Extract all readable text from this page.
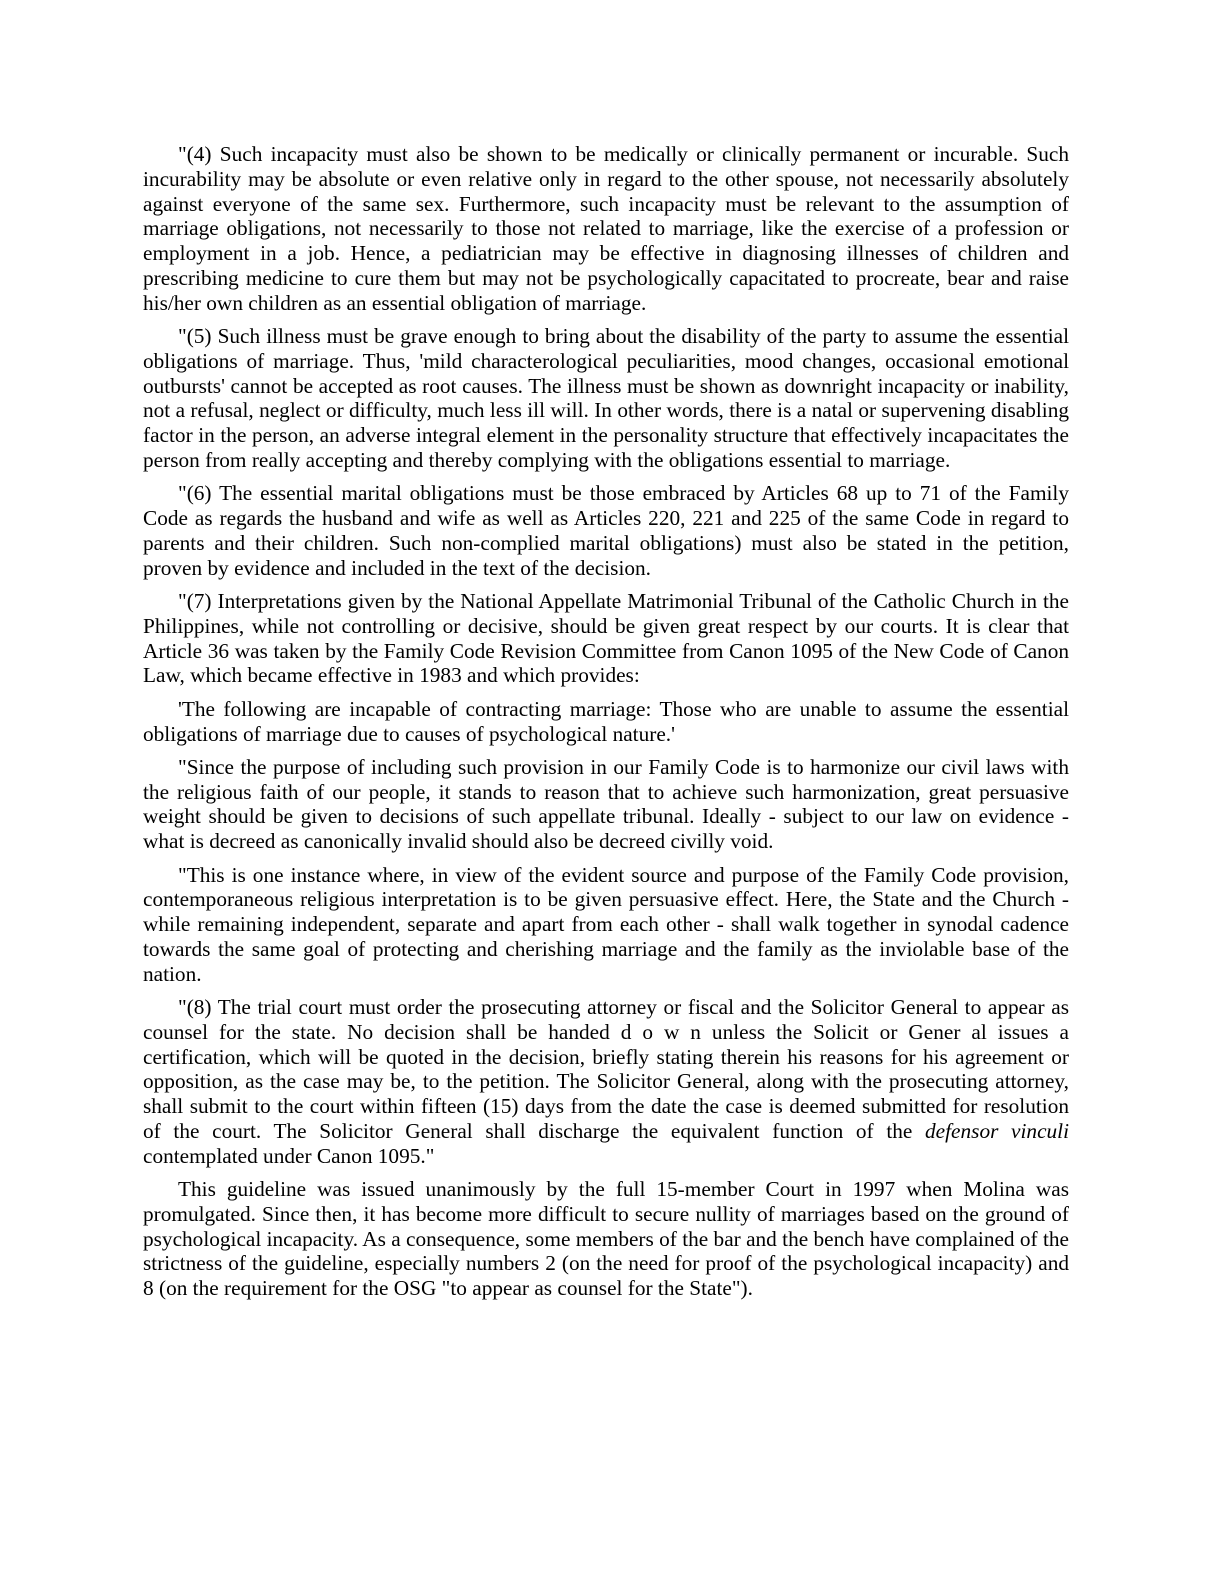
"(4) Such incapacity must also be shown to be medically or clinically permanent or incurable. Such incurability may be absolute or even relative only in regard to the other spouse, not necessarily absolutely against everyone of the same sex. Furthermore, such incapacity must be relevant to the assumption of marriage obligations, not necessarily to those not related to marriage, like the exercise of a profession or employment in a job. Hence, a pediatrician may be effective in diagnosing illnesses of children and prescribing medicine to cure them but may not be psychologically capacitated to procreate, bear and raise his/her own children as an essential obligation of marriage.

"(5) Such illness must be grave enough to bring about the disability of the party to assume the essential obligations of marriage. Thus, 'mild characterological peculiarities, mood changes, occasional emotional outbursts' cannot be accepted as root causes. The illness must be shown as downright incapacity or inability, not a refusal, neglect or difficulty, much less ill will. In other words, there is a natal or supervening disabling factor in the person, an adverse integral element in the personality structure that effectively incapacitates the person from really accepting and thereby complying with the obligations essential to marriage.

"(6) The essential marital obligations must be those embraced by Articles 68 up to 71 of the Family Code as regards the husband and wife as well as Articles 220, 221 and 225 of the same Code in regard to parents and their children. Such non-complied marital obligations) must also be stated in the petition, proven by evidence and included in the text of the decision.

"(7) Interpretations given by the National Appellate Matrimonial Tribunal of the Catholic Church in the Philippines, while not controlling or decisive, should be given great respect by our courts. It is clear that Article 36 was taken by the Family Code Revision Committee from Canon 1095 of the New Code of Canon Law, which became effective in 1983 and which provides:

'The following are incapable of contracting marriage: Those who are unable to assume the essential obligations of marriage due to causes of psychological nature.'

"Since the purpose of including such provision in our Family Code is to harmonize our civil laws with the religious faith of our people, it stands to reason that to achieve such harmonization, great persuasive weight should be given to decisions of such appellate tribunal. Ideally - subject to our law on evidence - what is decreed as canonically invalid should also be decreed civilly void.

"This is one instance where, in view of the evident source and purpose of the Family Code provision, contemporaneous religious interpretation is to be given persuasive effect. Here, the State and the Church - while remaining independent, separate and apart from each other - shall walk together in synodal cadence towards the same goal of protecting and cherishing marriage and the family as the inviolable base of the nation.

"(8) The trial court must order the prosecuting attorney or fiscal and the Solicitor General to appear as counsel for the state. No decision shall be handed d o w n unless the Solicit or Gener al issues a certification, which will be quoted in the decision, briefly stating therein his reasons for his agreement or opposition, as the case may be, to the petition. The Solicitor General, along with the prosecuting attorney, shall submit to the court within fifteen (15) days from the date the case is deemed submitted for resolution of the court. The Solicitor General shall discharge the equivalent function of the defensor vinculi contemplated under Canon 1095."

This guideline was issued unanimously by the full 15-member Court in 1997 when Molina was promulgated. Since then, it has become more difficult to secure nullity of marriages based on the ground of psychological incapacity. As a consequence, some members of the bar and the bench have complained of the strictness of the guideline, especially numbers 2 (on the need for proof of the psychological incapacity) and 8 (on the requirement for the OSG "to appear as counsel for the State").
